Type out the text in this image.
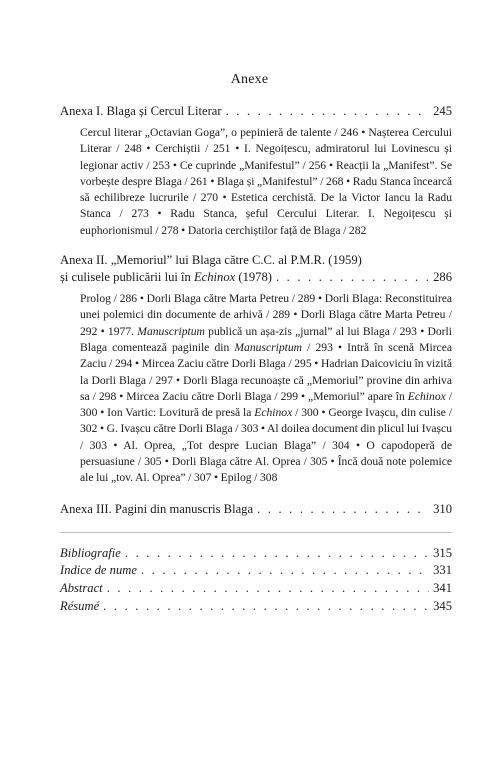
Anexe
Anexa I. Blaga și Cercul Literar . . .	245
Cercul literar „Octavian Goga”, o pepinieră de talente / 246 • Nașterea Cercului Literar / 248 • Cerchiștii / 251 • I. Negoițescu, admiratorul lui Lovinescu și legionar activ / 253 • Ce cuprinde „Manifestul” / 256 • Reacții la „Manifest”. Se vorbește despre Blaga / 261 • Blaga și „Manifestul” / 268 • Radu Stanca încearcă să echilibreze lucrurile / 270 • Estetica cerchistă. De la Victor Iancu la Radu Stanca / 273 • Radu Stanca, șeful Cercului Literar. I. Negoițescu și euphorionismul / 278 • Datoria cerchiștilor față de Blaga / 282
Anexa II. „Memoriul” lui Blaga către C.C. al P.M.R. (1959)
și culisele publicării lui în Echinox (1978) . . .	286
Prolog / 286 • Dorli Blaga către Marta Petreu / 289 • Dorli Blaga: Reconstituirea unei polemici din documente de arhivă / 289 • Dorli Blaga către Marta Petreu / 292 • 1977. Manuscriptum publică un așa-zis „jurnal” al lui Blaga / 293 • Dorli Blaga comentează paginile din Manuscriptum / 293 • Intră în scenă Mircea Zaciu / 294 • Mircea Zaciu către Dorli Blaga / 295 • Hadrian Daicoviciu în vizită la Dorli Blaga / 297 • Dorli Blaga recunoaște că „Memoriul” provine din arhiva sa / 298 • Mircea Zaciu către Dorli Blaga / 299 • „Memoriul” apare în Echinox / 300 • Ion Vartic: Lovitură de presă la Echinox / 300 • George Ivașcu, din culise / 302 • G. Ivașcu către Dorli Blaga / 303 • Al doilea document din plicul lui Ivașcu / 303 • Al. Oprea, „Tot despre Lucian Blaga” / 304 • O capodoperă de persuasiune / 305 • Dorli Blaga către Al. Oprea / 305 • Încă două note polemice ale lui „tov. Al. Oprea” / 307 • Epilog / 308
Anexa III. Pagini din manuscris Blaga . . .	310
Bibliografie . . .	315
Indice de nume . . .	331
Abstract . . .	341
Résumé . . .	345
